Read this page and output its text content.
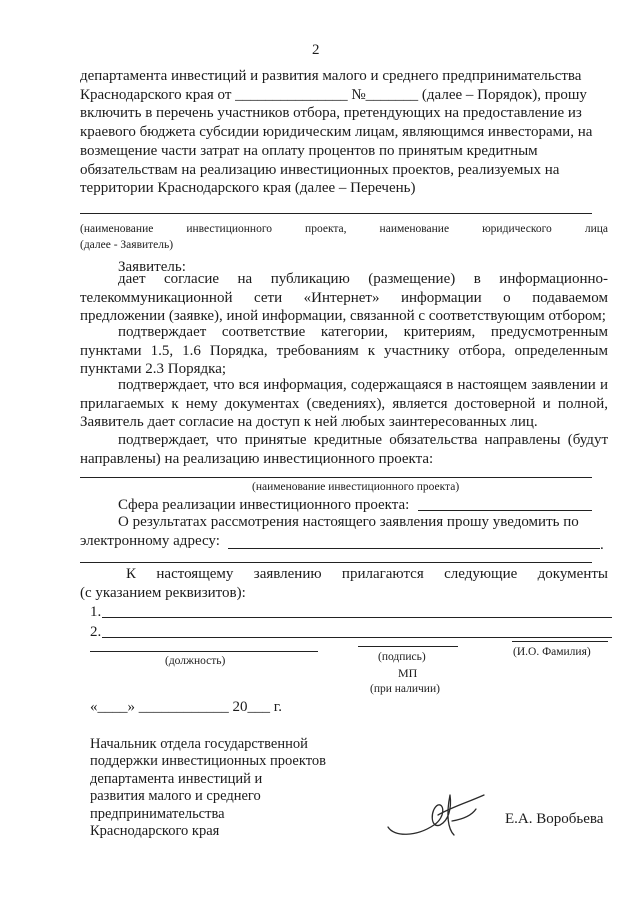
2
департамента инвестиций и развития малого и среднего предпринимательства
Краснодарского края от _______________ №_______ (далее – Порядок), прошу
включить в перечень участников отбора, претендующих на предоставление из
краевого бюджета субсидии юридическим лицам, являющимся инвесторами, на
возмещение части затрат на оплату процентов по принятым кредитным
обязательствам на реализацию инвестиционных проектов, реализуемых на
территории Краснодарского края (далее – Перечень)
(наименование инвестиционного проекта, наименование юридического лица
(далее - Заявитель)
Заявитель:
дает согласие на публикацию (размещение) в информационно-
телекоммуникационной сети «Интернет» информации о подаваемом
предложении (заявке), иной информации, связанной с соответствующим отбором;
подтверждает соответствие категории, критериям, предусмотренным
пунктами 1.5, 1.6 Порядка, требованиям к участнику отбора, определенным
пунктами 2.3 Порядка;
подтверждает, что вся информация, содержащаяся в настоящем заявлении и
прилагаемых к нему документах (сведениях), является достоверной и полной,
Заявитель дает согласие на доступ к ней любых заинтересованных лиц.
подтверждает, что принятые кредитные обязательства направлены (будут
направлены) на реализацию инвестиционного проекта:
(наименование инвестиционного проекта)
Сфера реализации инвестиционного проекта:
О результатах рассмотрения настоящего заявления прошу уведомить по
электронному адресу:	.
К настоящему заявлению прилагаются следующие документы
(с указанием реквизитов):
1.
2.
(должность)	(подпись)	(И.О. Фамилия)
МП
(при наличии)
«____» ____________ 20___ г.
Начальник отдела государственной
поддержки инвестиционных проектов
департамента инвестиций и
развития малого и среднего
предпринимательства
Краснодарского края
Е.А. Воробьева
